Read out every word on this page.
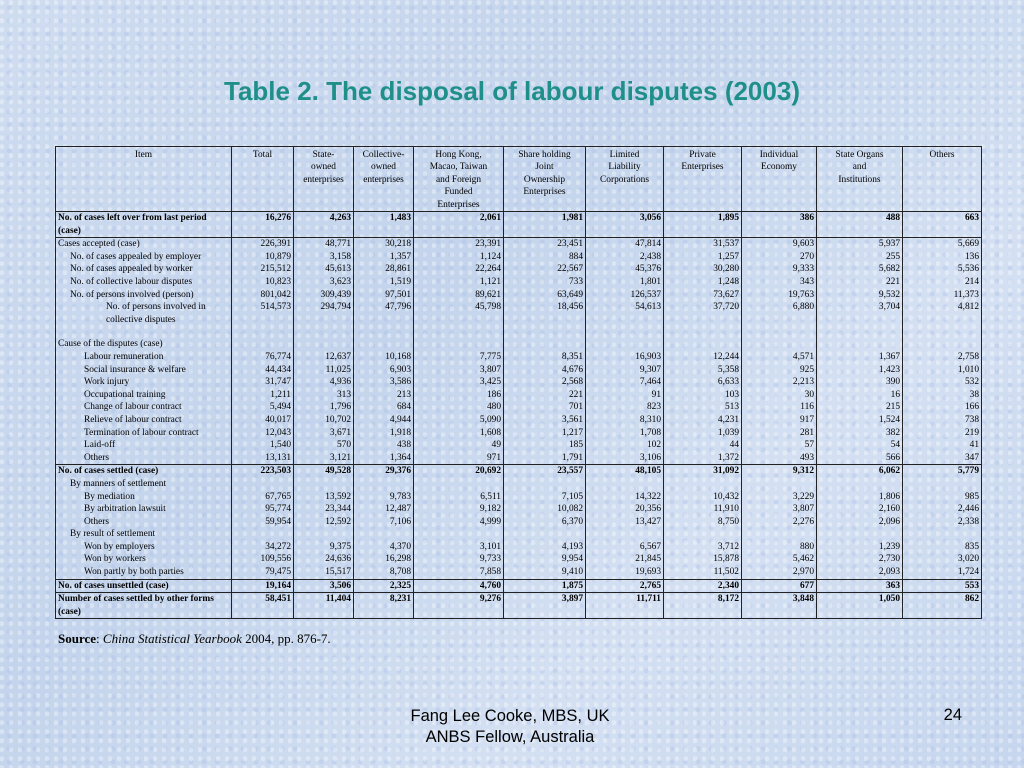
Table 2. The disposal of labour disputes (2003)
Item	Total	State-
owned
enterprises	Collective-
owned
enterprises	Hong Kong,
Macao, Taiwan
and Foreign
Funded
Enterprises	Share holding
Joint
Ownership
Enterprises	Limited
Liability
Corporations	Private
Enterprises	Individual
Economy	State Organs
and
Institutions	Others
No. of cases left over from last period (case)	16,276	4,263	1,483	2,061	1,981	3,056	1,895	386	488	663
Cases accepted (case)	226,391	48,771	30,218	23,391	23,451	47,814	31,537	9,603	5,937	5,669
No. of cases appealed by employer	10,879	3,158	1,357	1,124	884	2,438	1,257	270	255	136
No. of cases appealed by worker	215,512	45,613	28,861	22,264	22,567	45,376	30,280	9,333	5,682	5,536
No. of collective labour disputes	10,823	3,623	1,519	1,121	733	1,801	1,248	343	221	214
No. of persons involved (person)	801,042	309,439	97,501	89,621	63,649	126,537	73,627	19,763	9,532	11,373
No. of persons involved in collective disputes	514,573	294,794	47,796	45,798	18,456	54,613	37,720	6,880	3,704	4,812

Cause of the disputes (case)										
Labour remuneration	76,774	12,637	10,168	7,775	8,351	16,903	12,244	4,571	1,367	2,758
Social insurance & welfare	44,434	11,025	6,903	3,807	4,676	9,307	5,358	925	1,423	1,010
Work injury	31,747	4,936	3,586	3,425	2,568	7,464	6,633	2,213	390	532
Occupational training	1,211	313	213	186	221	91	103	30	16	38
Change of labour contract	5,494	1,796	684	480	701	823	513	116	215	166
Relieve of labour contract	40,017	10,702	4,944	5,090	3,561	8,310	4,231	917	1,524	738
Termination of labour contract	12,043	3,671	1,918	1,608	1,217	1,708	1,039	281	382	219
Laid-off	1,540	570	438	49	185	102	44	57	54	41
Others	13,131	3,121	1,364	971	1,791	3,106	1,372	493	566	347
No. of cases settled (case)	223,503	49,528	29,376	20,692	23,557	48,105	31,092	9,312	6,062	5,779
By manners of settlement										
By mediation	67,765	13,592	9,783	6,511	7,105	14,322	10,432	3,229	1,806	985
By arbitration lawsuit	95,774	23,344	12,487	9,182	10,082	20,356	11,910	3,807	2,160	2,446
Others	59,954	12,592	7,106	4,999	6,370	13,427	8,750	2,276	2,096	2,338
By result of settlement										
Won by employers	34,272	9,375	4,370	3,101	4,193	6,567	3,712	880	1,239	835
Won by workers	109,556	24,636	16,298	9,733	9,954	21,845	15,878	5,462	2,730	3,020
Won partly by both parties	79,475	15,517	8,708	7,858	9,410	19,693	11,502	2,970	2,093	1,724
No. of cases unsettled (case)	19,164	3,506	2,325	4,760	1,875	2,765	2,340	677	363	553
Number of cases settled by other forms (case)	58,451	11,404	8,231	9,276	3,897	11,711	8,172	3,848	1,050	862
Source: China Statistical Yearbook 2004, pp. 876-7.
Fang Lee Cooke, MBS, UK
ANBS Fellow, Australia
24
